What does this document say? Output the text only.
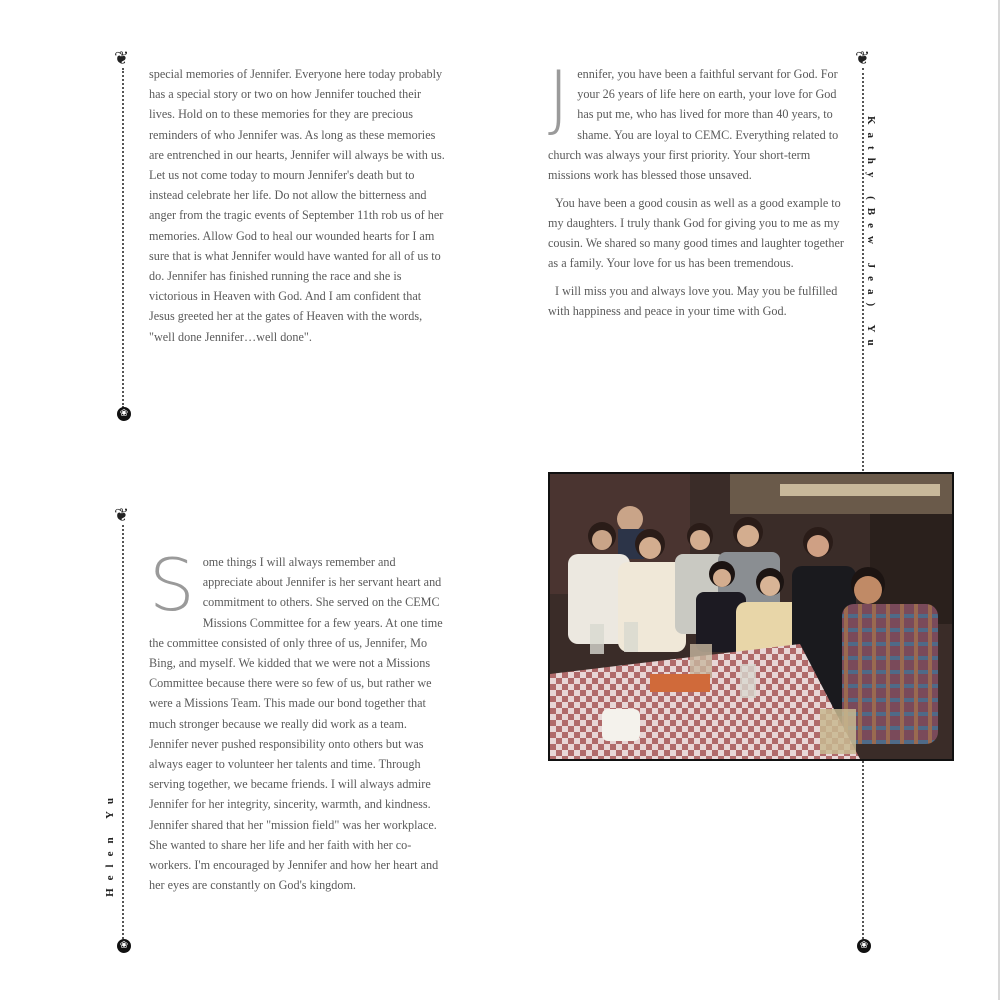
❦
❀
❦
❀
❦
❀

special memories of Jennifer. Everyone here today probably has a special story or two on how Jennifer touched their lives. Hold on to these memories for they are precious reminders of who Jennifer was. As long as these memories are entrenched in our hearts, Jennifer will always be with us. Let us not come today to mourn Jennifer's death but to instead celebrate her life. Do not allow the bitterness and anger from the tragic events of September 11th rob us of her memories. Allow God to heal our wounded hearts for I am sure that is what Jennifer would have wanted for all of us to do. Jennifer has finished running the race and she is victorious in Heaven with God. And I am confident that Jesus greeted her at the gates of Heaven with the words, "well done Jennifer…well done".

Jennifer, you have been a faithful servant for God. For your 26 years of life here on earth, your love for God has put me, who has lived for more than 40 years, to shame. You are loyal to CEMC. Everything related to church was always your first priority. Your short-term missions work has blessed those unsaved.

You have been a good cousin as well as a good example to my daughters. I truly thank God for giving you to me as my cousin. We shared so many good times and laughter together as a family. Your love for us has been tremendous.

I will miss you and always love you. May you be fulfilled with happiness and peace in your time with God.	Kathy (Bew Jea) Yu

Some things I will always remember and appreciate about Jennifer is her servant heart and commitment to others. She served on the CEMC Missions Committee for a few years. At one time the committee consisted of only three of us, Jennifer, Mo Bing, and myself. We kidded that we were not a Missions Committee because there were so few of us, but rather we were a Missions Team. This made our bond together that much stronger because we really did work as a team. Jennifer never pushed responsibility onto others but was always eager to volunteer her talents and time. Through serving together, we became friends. I will always admire Jennifer for her integrity, sincerity, warmth, and kindness. Jennifer shared that her "mission field" was her workplace. She wanted to share her life and her faith with her co-workers. I'm encouraged by Jennifer and how her heart and her eyes are constantly on God's kingdom.

Helen Yu
